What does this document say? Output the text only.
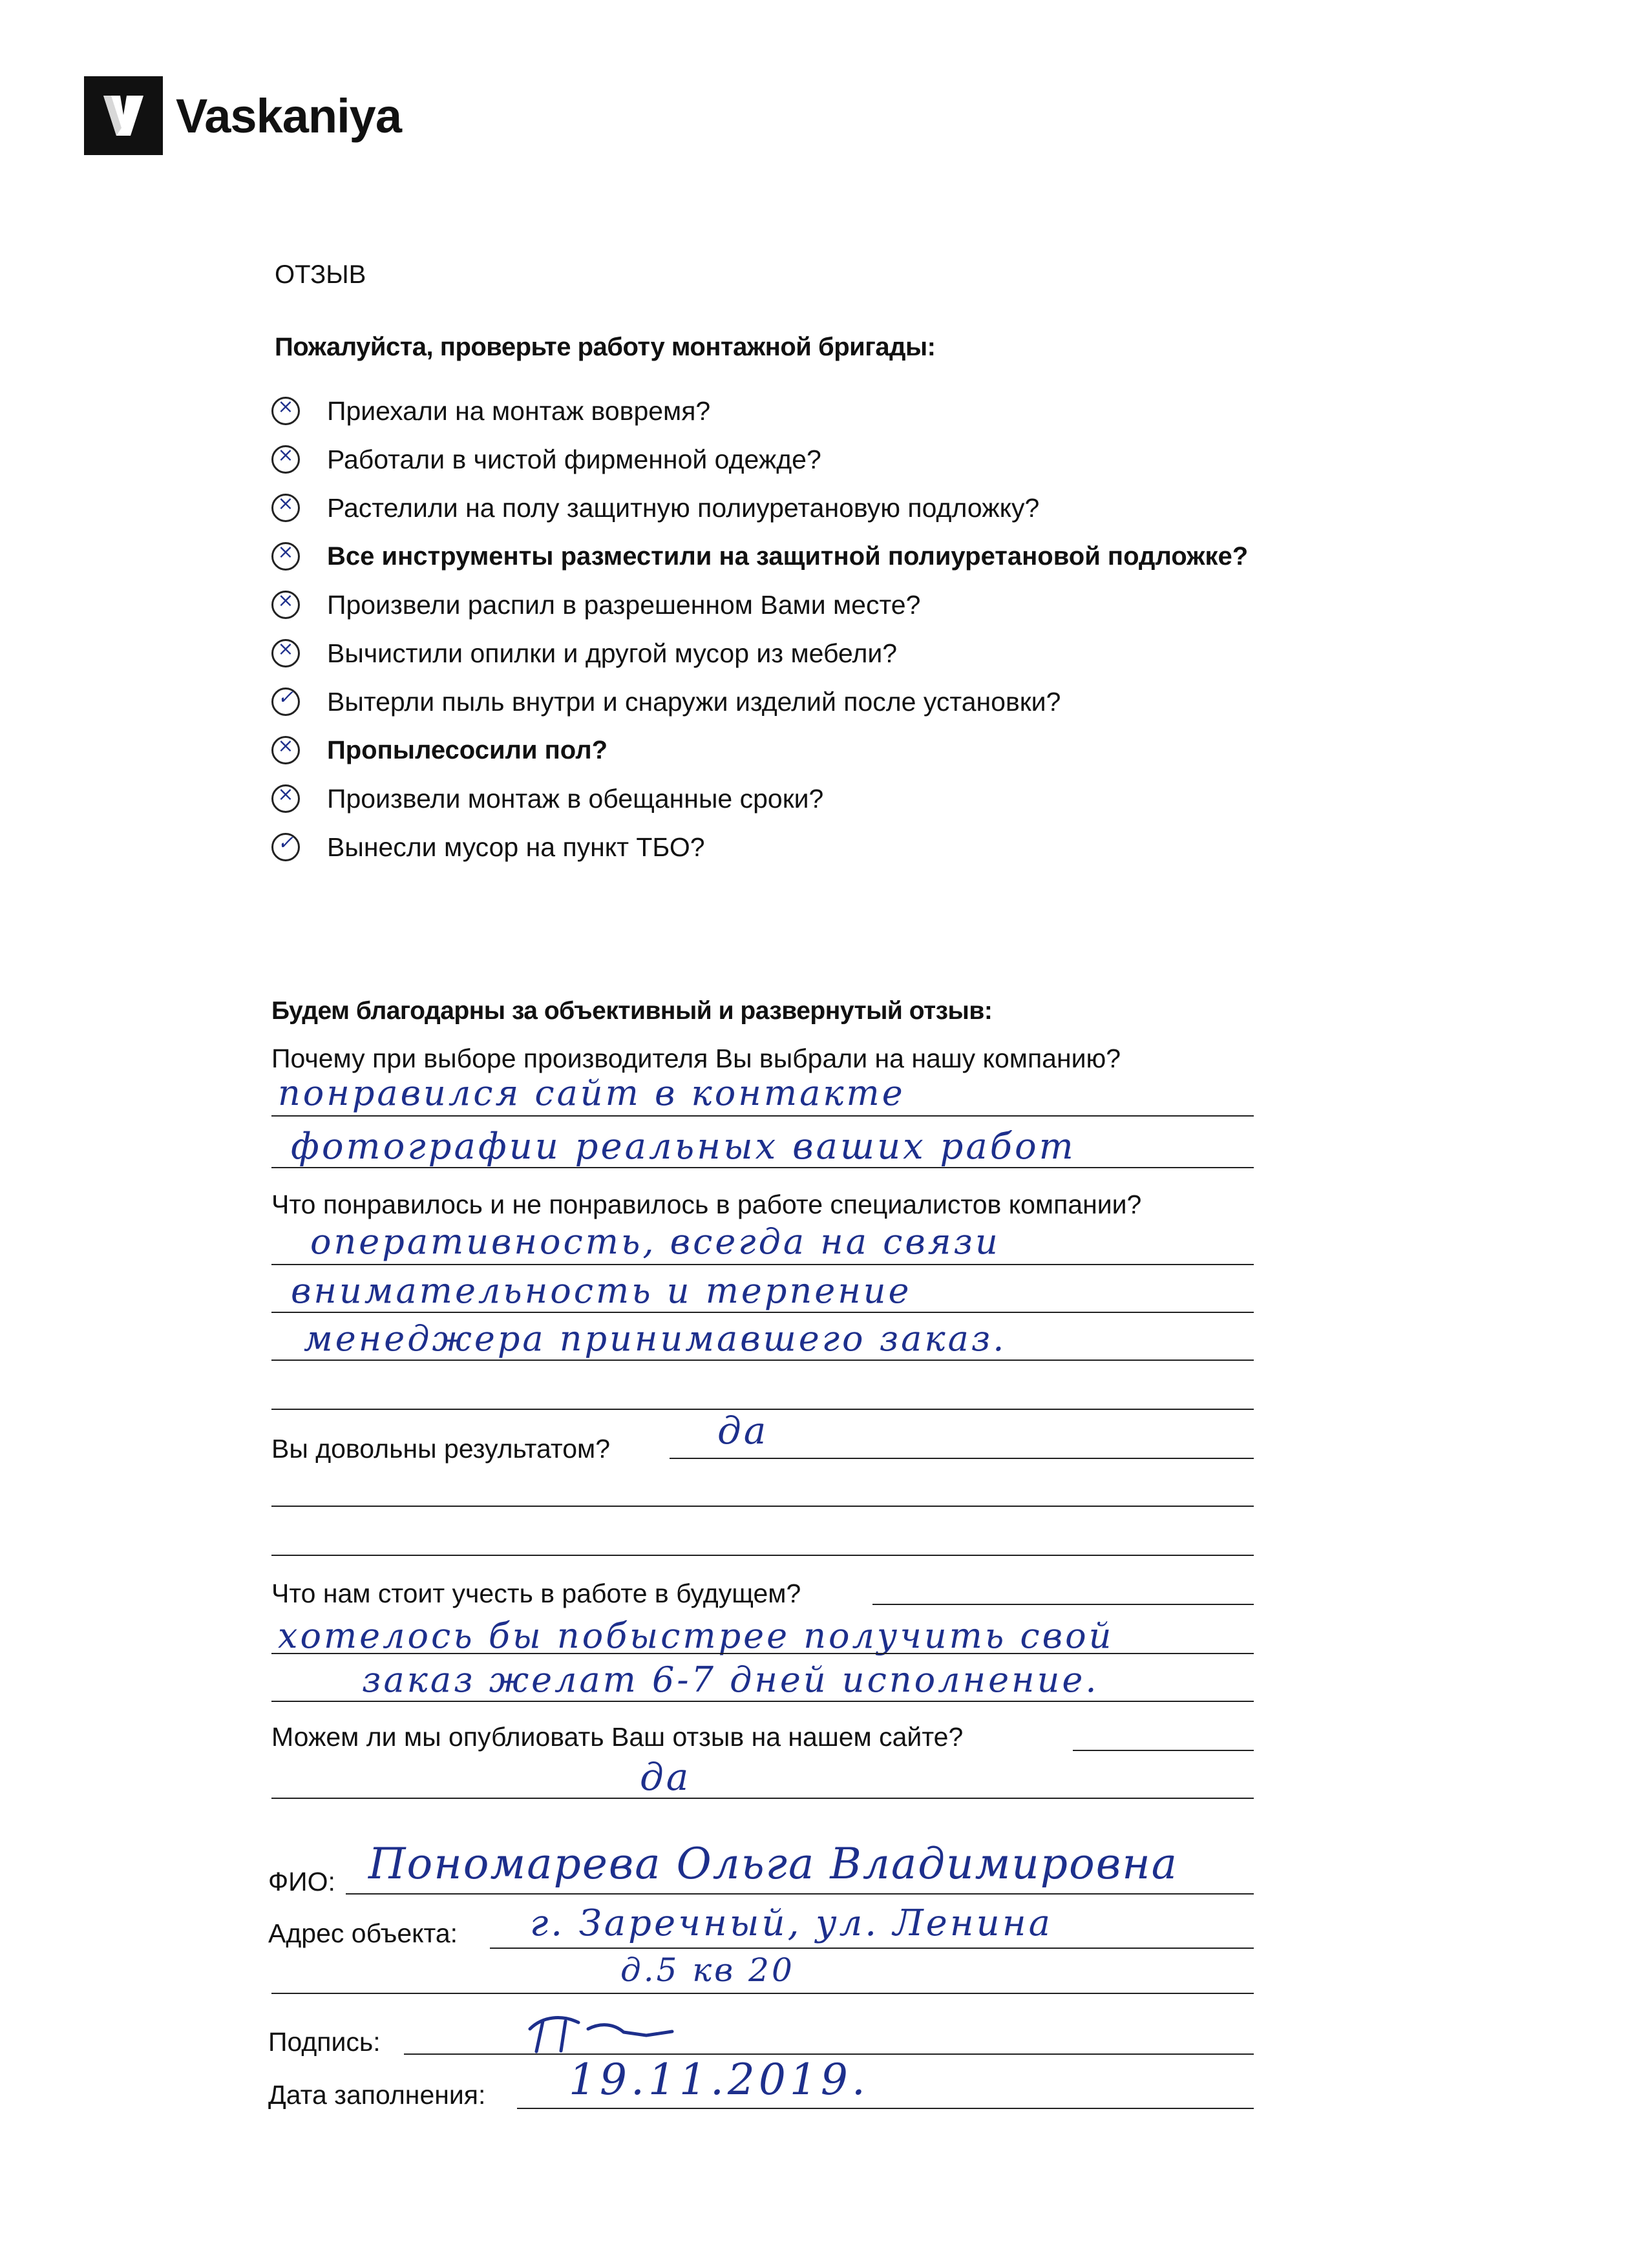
Vaskaniya
ОТЗЫВ
Пожалуйста, проверьте работу монтажной бригады:
× Приехали на монтаж вовремя?
× Работали в чистой фирменной одежде?
× Растелили на полу защитную полиуретановую подложку?
× Все инструменты разместили на защитной полиуретановой подложке?
× Произвели распил в разрешенном Вами месте?
× Вычистили опилки и другой мусор из мебели?
✓ Вытерли пыль внутри и снаружи изделий после установки?
× Пропылесосили пол?
× Произвели монтаж в обещанные сроки?
✓ Вынесли мусор на пункт ТБО?
Будем благодарны за объективный и развернутый отзыв:
Почему при выборе производителя Вы выбрали на нашу компанию?
понравился сайт в контакте
фотографии реальных ваших работ
Что понравилось и не понравилось в работе специалистов компании?
оперативность, всегда на связи
внимательность и терпение
менеджера принимавшего заказ.
Вы довольны результатом?	да
Что нам стоит учесть в работе в будущем?
хотелось бы побыстрее получить свой
заказ желат 6-7 дней исполнение.
Можем ли мы опублиовать Ваш отзыв на нашем сайте?
да
ФИО: Пономарева Ольга Владимировна
Адрес объекта: г. Заречный, ул. Ленина
д.5 кв 20
Подпись:
Дата заполнения: 19.11.2019.
